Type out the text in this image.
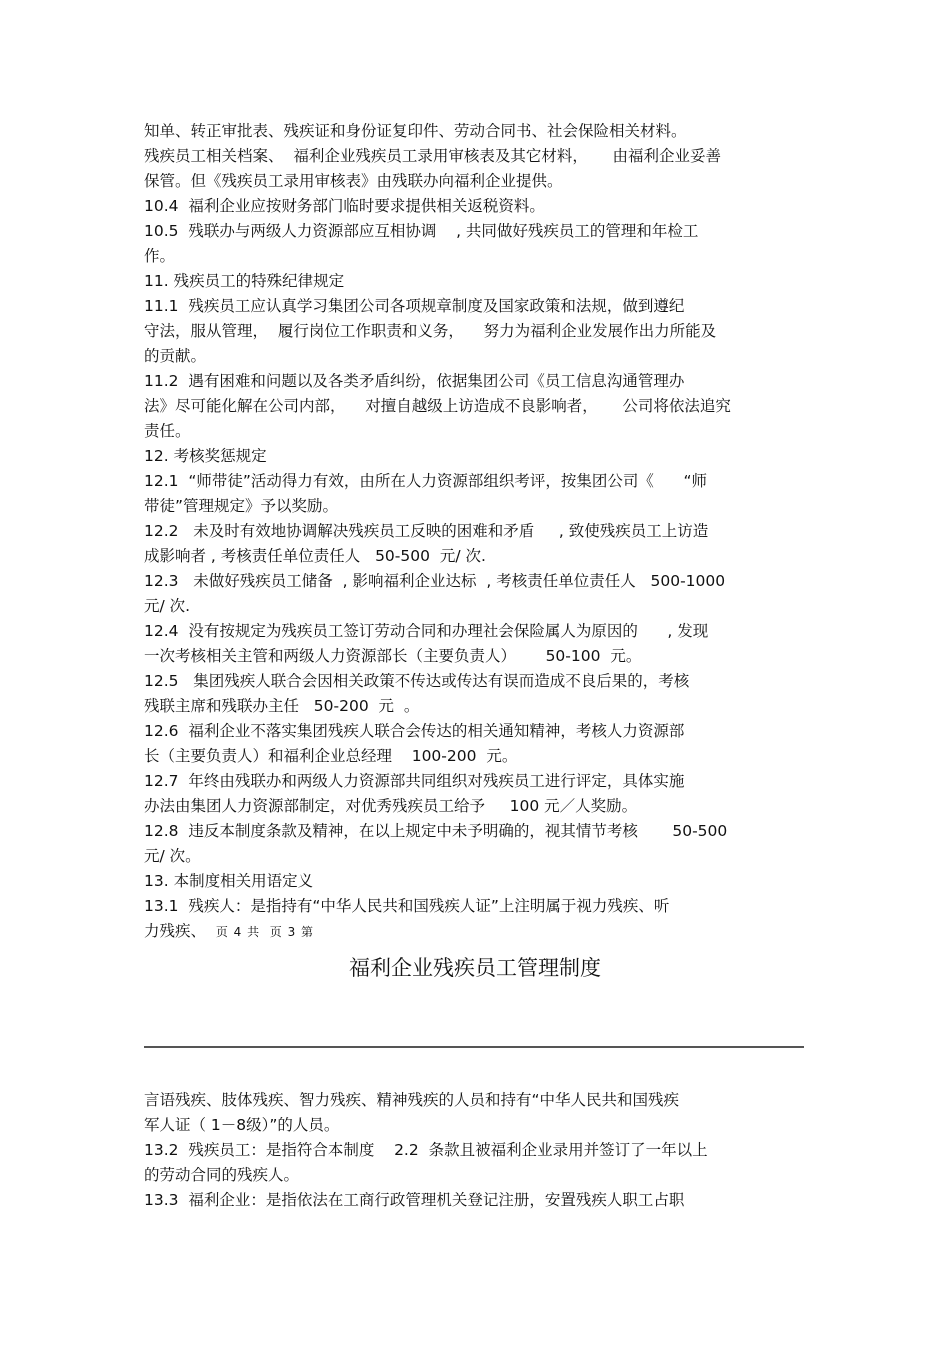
知单、转正审批表、残疾证和身份证复印件、劳动合同书、社会保险相关材料。
残疾员工相关档案、  福利企业残疾员工录用审核表及其它材料，     由福利企业妥善
保管。但《残疾员工录用审核表》由残联办向福利企业提供。
10.4  福利企业应按财务部门临时要求提供相关返税资料。
10.5  残联办与两级人力资源部应互相协调    , 共同做好残疾员工的管理和年检工
作。
11. 残疾员工的特殊纪律规定
11.1  残疾员工应认真学习集团公司各项规章制度及国家政策和法规，做到遵纪
守法，服从管理，  履行岗位工作职责和义务，    努力为福利企业发展作出力所能及
的贡献。
11.2  遇有困难和问题以及各类矛盾纠纷，依据集团公司《员工信息沟通管理办
法》尽可能化解在公司内部，    对擅自越级上访造成不良影响者，     公司将依法追究
责任。
12. 考核奖惩规定
12.1  “师带徒”活动得力有效，由所在人力资源部组织考评，按集团公司《      “师
带徒”管理规定》予以奖励。
12.2   未及时有效地协调解决残疾员工反映的困难和矛盾     , 致使残疾员工上访造
成影响者 , 考核责任单位责任人   50-500  元/ 次.
12.3   未做好残疾员工储备  , 影响福利企业达标  , 考核责任单位责任人   500-1000
元/ 次.
12.4  没有按规定为残疾员工签订劳动合同和办理社会保险属人为原因的      , 发现
一次考核相关主管和两级人力资源部长（主要负责人）      50-100  元。
12.5   集团残疾人联合会因相关政策不传达或传达有误而造成不良后果的，考核
残联主席和残联办主任   50-200  元  。
12.6  福利企业不落实集团残疾人联合会传达的相关通知精神，考核人力资源部
长（主要负责人）和福利企业总经理    100-200  元。
12.7  年终由残联办和两级人力资源部共同组织对残疾员工进行评定，具体实施
办法由集团人力资源部制定，对优秀残疾员工给予     100 元／人奖励。
12.8  违反本制度条款及精神，在以上规定中未予明确的，视其情节考核       50-500
元/ 次。
13. 本制度相关用语定义
13.1  残疾人：是指持有“中华人民共和国残疾人证”上注明属于视力残疾、听
力残疾、  页 4 共  页 3 第
福利企业残疾员工管理制度
言语残疾、肢体残疾、智力残疾、精神残疾的人员和持有“中华人民共和国残疾
军人证（ 1－8级）”的人员。
13.2  残疾员工：是指符合本制度    2.2  条款且被福利企业录用并签订了一年以上
的劳动合同的残疾人。
13.3  福利企业：是指依法在工商行政管理机关登记注册，安置残疾人职工占职
